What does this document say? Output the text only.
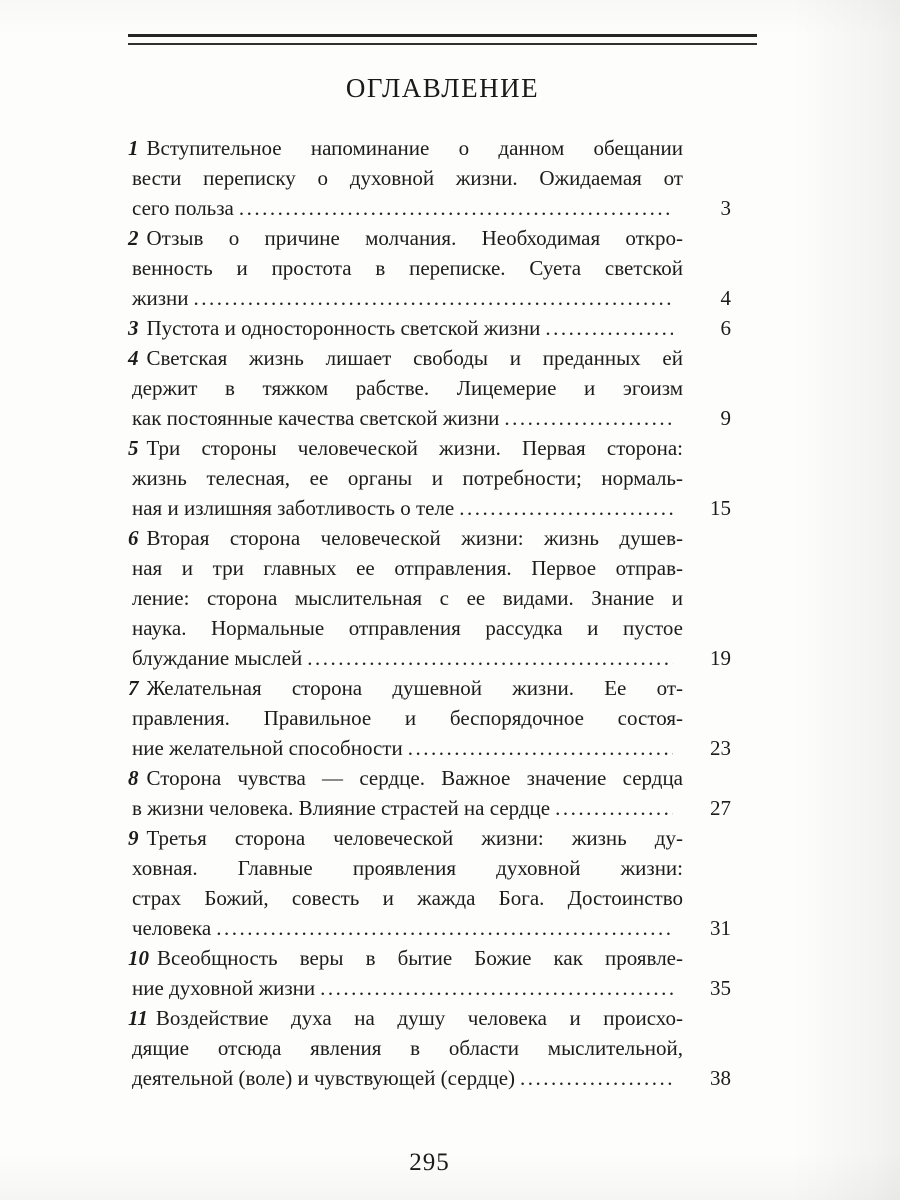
ОГЛАВЛЕНИЕ
1 Вступительное напоминание о данном обещании
вести переписку о духовной жизни. Ожидаемая от
сего польза .....	3
2 Отзыв о причине молчания. Необходимая откро-
венность и простота в переписке. Суета светской
жизни .....	4
3 Пустота и односторонность светской жизни .....	6
4 Светская жизнь лишает свободы и преданных ей
держит в тяжком рабстве. Лицемерие и эгоизм
как постоянные качества светской жизни .....	9
5 Три стороны человеческой жизни. Первая сторона:
жизнь телесная, ее органы и потребности; нормаль-
ная и излишняя заботливость о теле .....	15
6 Вторая сторона человеческой жизни: жизнь душев-
ная и три главных ее отправления. Первое отправ-
ление: сторона мыслительная с ее видами. Знание и
наука. Нормальные отправления рассудка и пустое
блуждание мыслей .....	19
7 Желательная сторона душевной жизни. Ее от-
правления. Правильное и беспорядочное состоя-
ние желательной способности .....	23
8 Сторона чувства — сердце. Важное значение сердца
в жизни человека. Влияние страстей на сердце .....	27
9 Третья сторона человеческой жизни: жизнь ду-
ховная. Главные проявления духовной жизни:
страх Божий, совесть и жажда Бога. Достоинство
человека .....	31
10 Всеобщность веры в бытие Божие как проявле-
ние духовной жизни .....	35
11 Воздействие духа на душу человека и происхо-
дящие отсюда явления в области мыслительной,
деятельной (воле) и чувствующей (сердце) .....	38
295
